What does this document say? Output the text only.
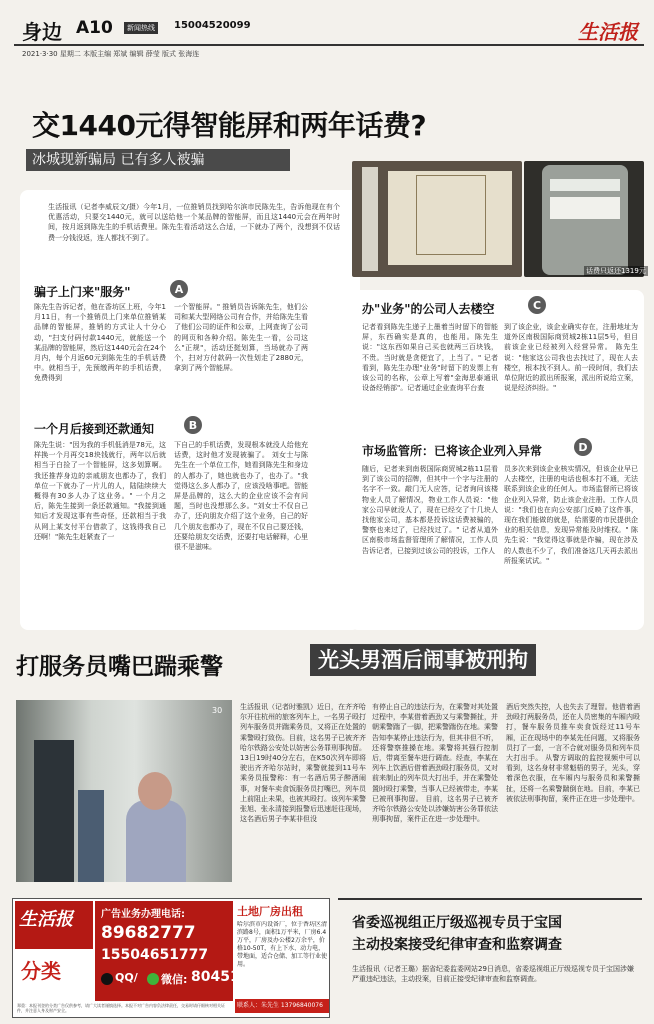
身边 A10	新闻热线	15004520099	生活报
2021·3·30 星期二 本版主编 郑斌 编辑 薛莹 版式 张海连
交1440元得智能屏和两年话费?
冰城现新骗局 已有多人被骗
生活报讯（记者李威辰文/摄）今年1月，一位推销员找到哈尔滨市民陈先生，告诉他现在有个优惠活动，只要交1440元，就可以送给他一个某品牌的智能屏，而且这1440元会在两年时间，按月返到陈先生的手机话费里。陈先生看活动这么合适，一下就办了两个，没想到不仅话费一分钱没返，连人都找不到了。
话费只返还1319元
骗子上门来"服务"	A
陈先生告诉记者，他在香坊区上班，今年1月11日，有一个推销员上门来单位推销某品牌的智能屏，推销的方式让人十分心动，"扫支付码付款1440元，就能送一个某品牌的智能屏，然后这1440元会在24个月内，每个月返60元到陈先生的手机话费中。就相当于，先预缴两年的手机话费，免费得到
一个智能屏。" 推销员告诉陈先生，他们公司和某大型网络公司有合作，并给陈先生看了他们公司的证件和公章，上网查询了公司的网页和各种介绍。陈先生一看，公司这么"正规"，活动还挺划算，当场就办了两个，扫对方付款码一次性划走了2880元，拿到了两个智能屏。
一个月后接到还款通知	B
陈先生说："因为我的手机低消是78元，这样换一个月再交18块钱就行，两年以后就相当于白捡了一个智能屏，这多划算啊。我还推荐身边的亲戚朋友也都办了，我们单位一下就办了一片儿的人，陆陆续续大概得有30多人办了这业务。" 一个月之后，陈先生接到一条还款通知。"我接到通知后才发现这事有些奇怪，还款相当于我从网上某支付平台借款了，这钱得我自己还啊！"陈先生赶紧查了一
下自己的手机话费，发现根本就没人给他充话费，这时他才发现被骗了。 刘女士与陈先生在一个单位工作，她看到陈先生和身边的人都办了，她也就也办了，也办了。"我觉得这么多人都办了，应该没啥事吧。智能屏是品牌的，这么大的企业应该不会有问题，当时也没想那么多。"刘女士不仅自己办了，还向朋友介绍了这个业务，自己的好几个朋友也都办了，现在不仅自己要还钱，还要给朋友交话费，还要打电话解释，心里很不是滋味。
办"业务"的公司人去楼空	C
记者看到陈先生递子上墨着当时留下的智能屏，东西确实是真的，也能用。陈先生说："这东西如果自己买也就两三百块钱，不贵。当时就是贪便宜了，上当了。" 记者看到，陈先生办理"业务"时留下的发票上有该公司的名称，公章上写着"金海思泰通讯设备经销部"。记者通过企业查询平台查
到了该企业，该企业确实存在，注册地址为道外区南极国际商贸城2栋11层5号，但目前该企业已经被列入经营异常。 陈先生说："他家这公司我也去找过了，现在人去楼空，根本找不到人。前一段时间，我们去单位附近的派出所报案，派出所说给立案，说是经济纠纷。"
市场监管所：已将该企业列入异常	D
随后，记者来到南极国际商贸城2栋11层看到了该公司的招牌，但其中一个字与注册的名字不一致。敲门无人应答，记者询问该楼物业人员了解情况，物业工作人员说："他家公司早就没人了，现在已经交了十几块人找他家公司，基本都是投诉这话费被骗的，警察也来过了，已经找过了。" 记者从道外区南极市场监督管理所了解情况，工作人员告诉记者，已接到过该公司的投诉，工作人
员多次来到该企业核实情况，但该企业早已人去楼空，注册的电话也根本打不通，无法联系到该企业的任何人。市场监督所已将该企业列入异常，防止该企业注册。工作人员说："我们也在向公安部门反映了这件事，现在我们能做的就是，给需要的市民提供企业的相关信息，发现异常能及时维权。" 陈先生说："我觉得这事就是诈骗，现在涉及的人数也不少了，我们准备这几天再去派出所报案试试。"
打服务员嘴巴踹乘警	光头男酒后闹事被刑拘
30	生活报讯（记者时雅凯）近日，在齐齐哈尔开往杭州的旅客列车上，一名男子殴打列车服务员并踹乘务员，又将正在处置的乘警殴打致伤。目前，这名男子已被齐齐哈尔铁路公安处以妨害公务罪刑事拘留。 13日19时40分左右，在K50次列车即将驶出齐齐哈尔站时，乘警就接到11号车乘务员报警称：有一名酒后男子醉酒闹事，对餐车卖食饭服务员打嘴巴，列车员上前阻止未果，也被其殴打。该列车乘警张旭、张永清接到报警后迅速赶往现场，这名酒后男子李某非但没
有停止自己的违法行为，在乘警对其处置过程中，李某借着酒劲又与乘警撕扯，并朝乘警踹了一脚，把乘警踹伤在地。乘警告知李某停止违法行为，但其非但不听，还将警察推搡在地。乘警将其强行控制后，带离至餐车进行调查。经查，李某在列车上饮酒后借着酒劲殴打服务员，又对前来制止的列车员大打出手，并在乘警处置时殴打乘警，当事人已经被带走，李某已被刑事拘留。 目前，这名男子已被齐齐哈尔铁路公安处以涉嫌妨害公务罪依法刑事拘留，案件正在进一步处理中。
酒后突然失控，人也失去了理智。他借着酒劲殴打两服务员，还在人员密集的车厢内殴打，餐车服务员推车卖食饭经过11号车厢，正在现场中的李某先任问题，又将服务员打了一套，一言不合就对服务员和列车员大打出手。 从警方调取的监控视频中可以看到，这名身材非常魁梧的男子，光头，穿着深色衣服，在车厢内与服务员和乘警撕扯，还将一名乘警踹倒在地。目前，李某已被依法刑事拘留，案件正在进一步处理中。
生活报
分类
广告业务办理电话:
89682777
15504651777
QQ/ 微信: 80451
郑重：本报刊登的分类广告仅供参考，请广大读者谨慎选择。本报不对广告内容负法律责任，交易时请仔细核对相关证件，并注意人身及财产安全。
土地厂房出租
哈尔滨市内设备厂，位于香坊区清滨路8号，面积1万平米，厂房6.4万平，厂房及办公楼2万余平，价格10-50T，有上下水、动力电，带地面，适合仓储、加工等行业使用。
联系人：朱先生 13796840076
省委巡视组正厅级巡视专员于宝国
主动投案接受纪律审查和监察调查
生活报讯（记者王璐）据省纪委监委网站29日消息，省委巡视组正厅级巡视专员于宝国涉嫌严重违纪违法，主动投案，目前正接受纪律审查和监察调查。
